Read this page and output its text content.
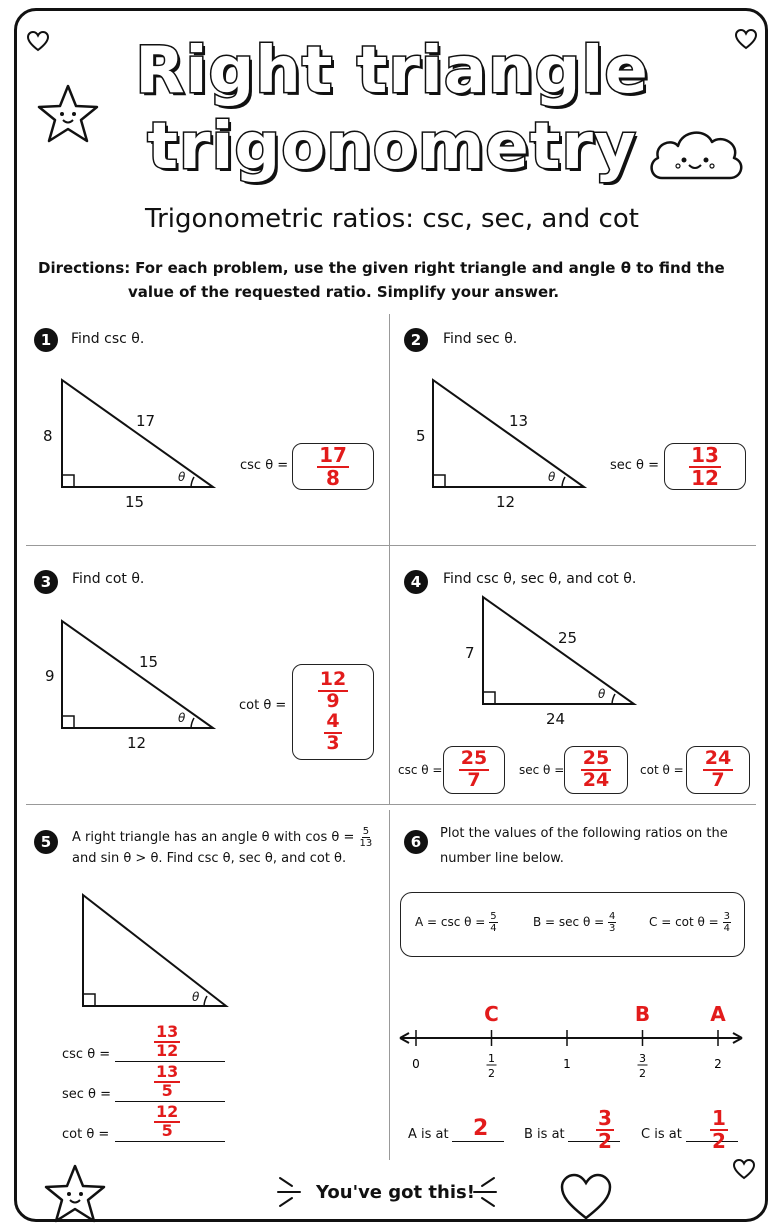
Right triangle
trigonometry
Trigonometric ratios: csc, sec, and cot
Directions: For each problem, use the given right triangle and angle θ to find the
value of the requested ratio. Simplify your answer.
1	Find csc θ.
8
17
15
θ
$\csc \theta = \frac{17}{8}$
2	Find sec θ.
5
13
12
θ
$\sec \theta = \frac{13}{12}$
3	Find cot θ.
9
15
12
θ
$\cot \theta = \frac{12}{9}$
$\frac{4}{3}$
4	Find csc θ, sec θ, and cot θ.
7
25
24
θ
$\csc \theta = \frac{25}{7}$ $\sec \theta = \frac{25}{24}$ $\cot \theta = \frac{24}{7}$
5	A right triangle has an angle θ with $\cos \theta = \frac{5}{13}$
and sin θ > θ. Find csc θ, sec θ, and cot θ.
θ
csc θ =	$\frac{13}{12}$
sec θ =	$\frac{13}{5}$
cot θ =	$\frac{12}{5}$
6	Plot the values of the following ratios on the
number line below.
$A = \csc \theta = \frac{5}{4}$	$B = \sec \theta = \frac{4}{3}$	$C = \cot \theta = \frac{3}{4}$
0	1
2
1	3
2
2
C	B	A
A is at 2	B is at $\frac{3}{2}$ C is at $\frac{1}{2}$
You've got this!
